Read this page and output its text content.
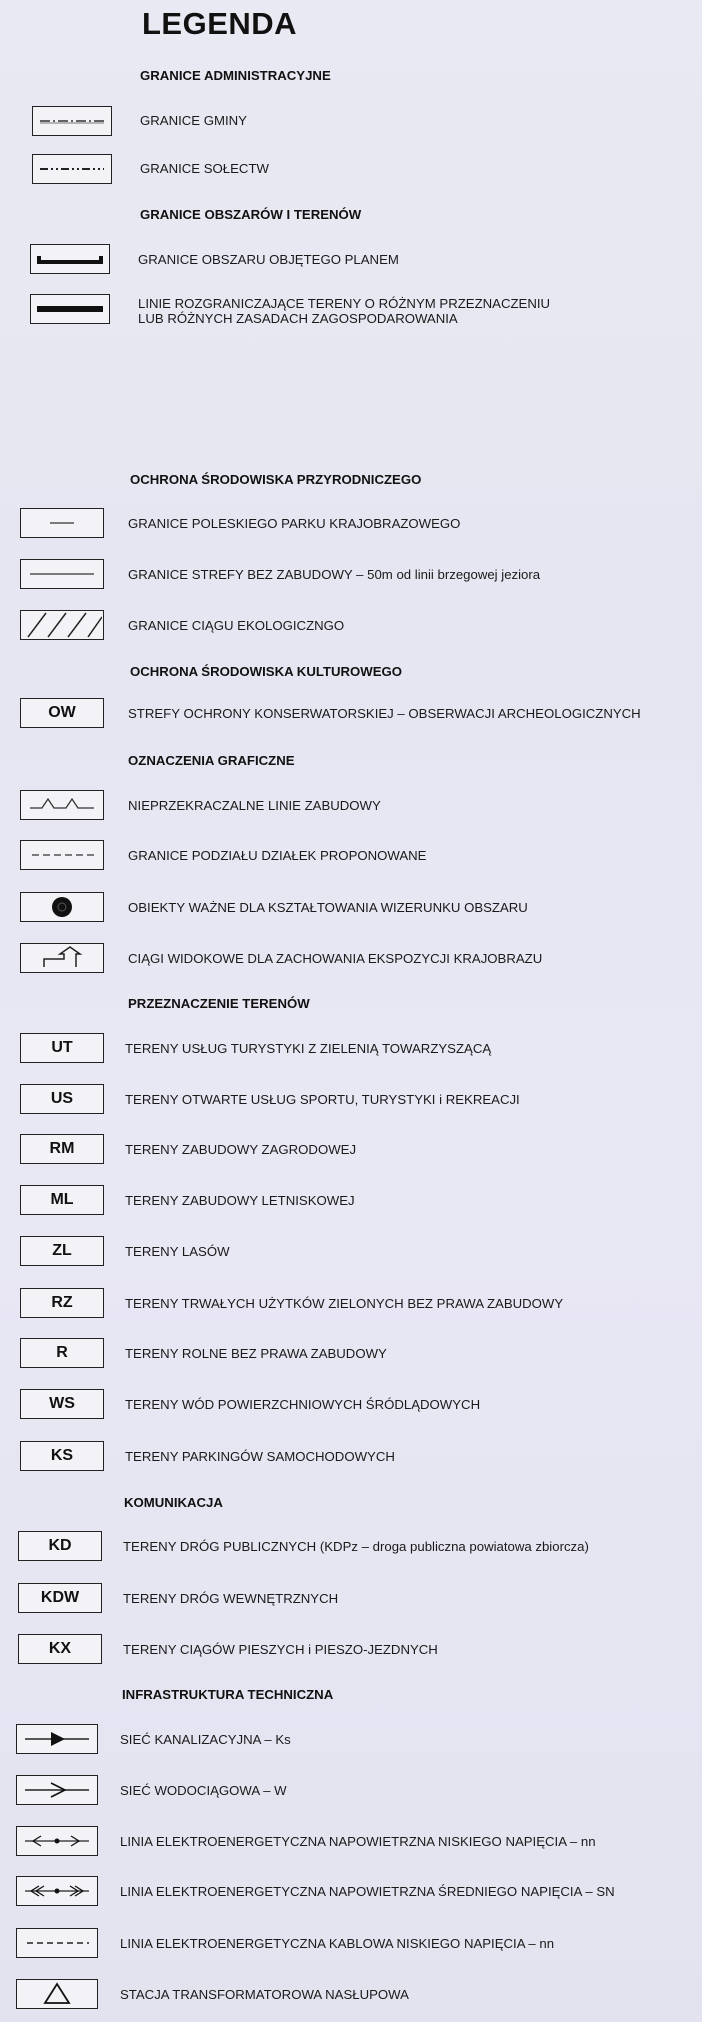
LEGENDA
GRANICE ADMINISTRACYJNE
GRANICE GMINY
GRANICE SOŁECTW
GRANICE OBSZARÓW I TERENÓW
GRANICE OBSZARU OBJĘTEGO PLANEM
LINIE ROZGRANICZAJĄCE TERENY O RÓŻNYM PRZEZNACZENIU
LUB RÓŻNYCH ZASADACH ZAGOSPODAROWANIA
OCHRONA ŚRODOWISKA PRZYRODNICZEGO
GRANICE POLESKIEGO PARKU KRAJOBRAZOWEGO
GRANICE STREFY BEZ ZABUDOWY – 50m od linii brzegowej jeziora
GRANICE CIĄGU EKOLOGICZNGO
OCHRONA ŚRODOWISKA KULTUROWEGO
OW	STREFY OCHRONY KONSERWATORSKIEJ – OBSERWACJI ARCHEOLOGICZNYCH
OZNACZENIA GRAFICZNE
NIEPRZEKRACZALNE LINIE ZABUDOWY
GRANICE PODZIAŁU DZIAŁEK PROPONOWANE
OBIEKTY WAŻNE DLA KSZTAŁTOWANIA WIZERUNKU OBSZARU
CIĄGI WIDOKOWE DLA ZACHOWANIA EKSPOZYCJI KRAJOBRAZU
PRZEZNACZENIE TERENÓW
UT	TERENY USŁUG TURYSTYKI Z ZIELENIĄ TOWARZYSZĄCĄ
US	TERENY OTWARTE USŁUG SPORTU, TURYSTYKI i REKREACJI
RM	TERENY ZABUDOWY ZAGRODOWEJ
ML	TERENY ZABUDOWY LETNISKOWEJ
ZL	TERENY LASÓW
RZ	TERENY TRWAŁYCH UŻYTKÓW ZIELONYCH BEZ PRAWA ZABUDOWY
R	TERENY ROLNE BEZ PRAWA ZABUDOWY
WS	TERENY WÓD POWIERZCHNIOWYCH ŚRÓDLĄDOWYCH
KS	TERENY PARKINGÓW SAMOCHODOWYCH
KOMUNIKACJA
KD	TERENY DRÓG PUBLICZNYCH (KDPz – droga publiczna powiatowa zbiorcza)
KDW	TERENY DRÓG WEWNĘTRZNYCH
KX	TERENY CIĄGÓW PIESZYCH i PIESZO-JEZDNYCH
INFRASTRUKTURA TECHNICZNA
SIEĆ KANALIZACYJNA – Ks
SIEĆ WODOCIĄGOWA – W
LINIA ELEKTROENERGETYCZNA NAPOWIETRZNA NISKIEGO NAPIĘCIA – nn
LINIA ELEKTROENERGETYCZNA NAPOWIETRZNA ŚREDNIEGO NAPIĘCIA – SN
LINIA ELEKTROENERGETYCZNA KABLOWA NISKIEGO NAPIĘCIA – nn
STACJA TRANSFORMATOROWA NASŁUPOWA
